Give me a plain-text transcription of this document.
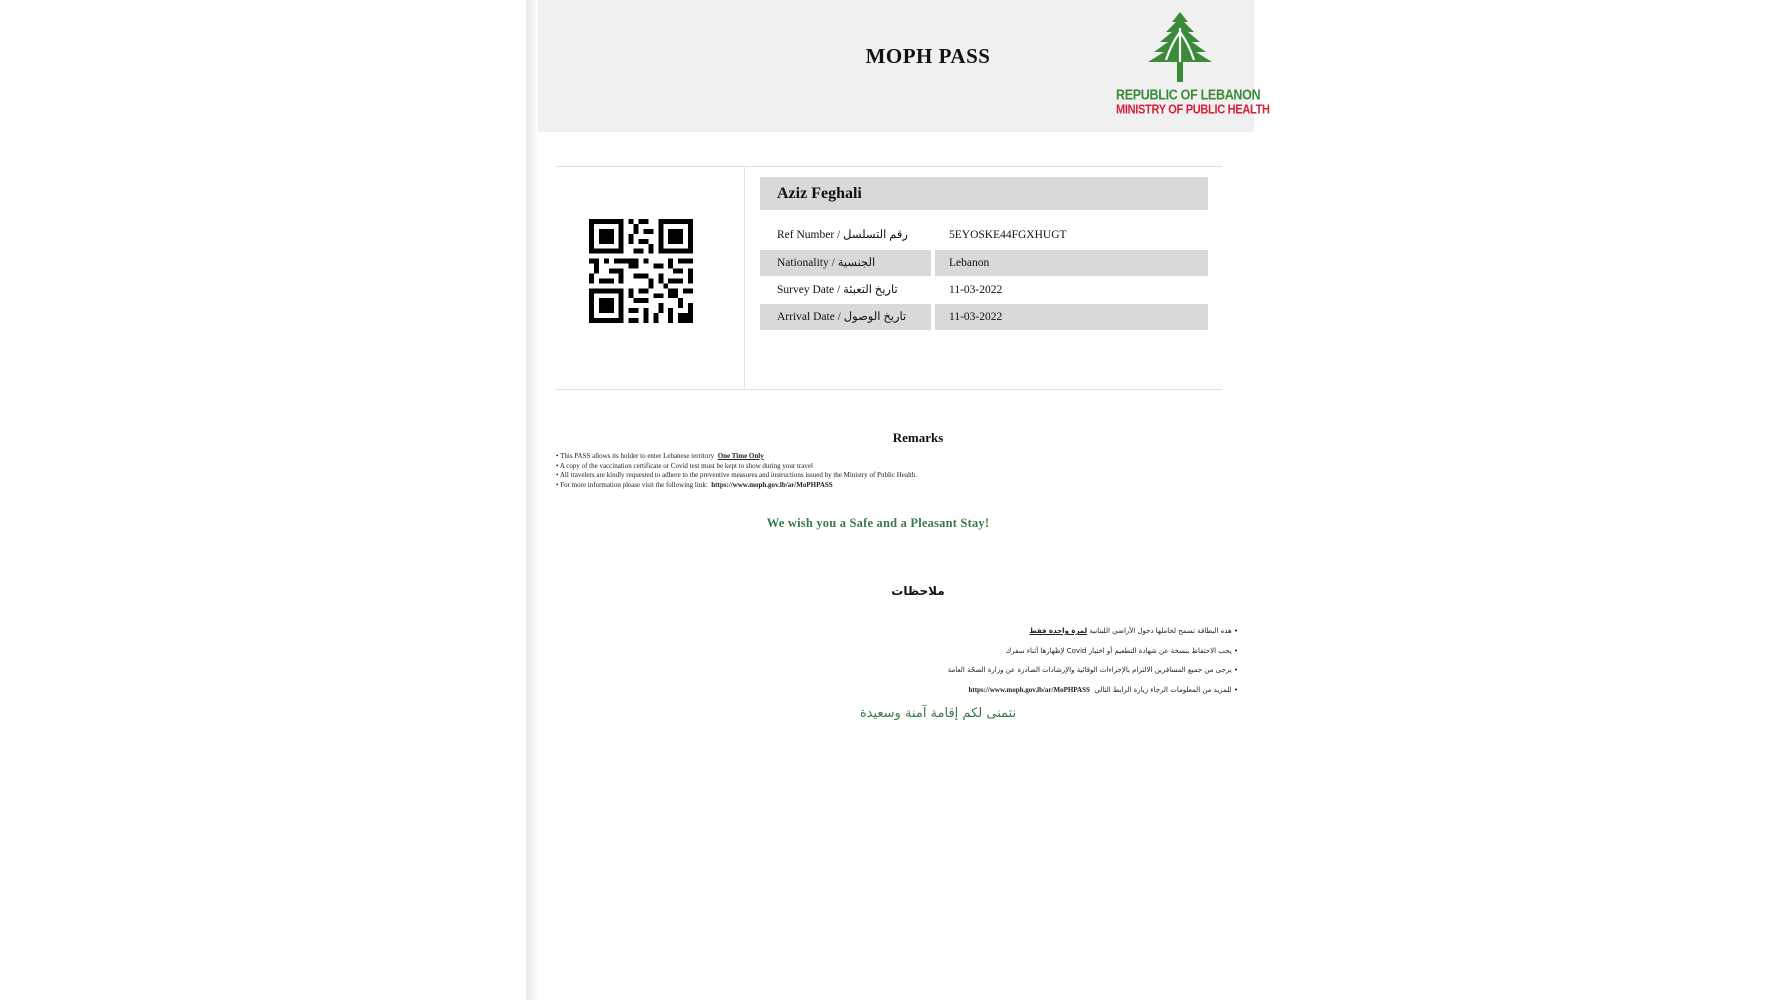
MOPH PASS
REPUBLIC OF LEBANON
MINISTRY OF PUBLIC HEALTH
Aziz Feghali
Ref Number / رقم التسلسل	5EYOSKE44FGXHUGT
Nationality / الجنسية	Lebanon
Survey Date / تاريخ التعبئة	11-03-2022
Arrival Date / تاريخ الوصول	11-03-2022
Remarks
• This PASS allows its holder to enter Lebanese territory One Time Only
• A copy of the vaccination certificate or Covid test must be kept to show during your travel
• All travelers are kindly requested to adhere to the preventive measures and instructions issued by the Ministry of Public Health.
• For more information please visit the following link: https://www.moph.gov.lb/ar/MoPHPASS
We wish you a Safe and a Pleasant Stay!
ملاحظات
• هذه البطاقة تسمح لحاملها دخول الأراضي اللبنانية لمرة واحدة فقط
• يجب الاحتفاظ بنسخة عن شهادة التطعيم أو اختبار Covid لإظهارها أثناء سفرك
• يرجى من جميع المسافرين الالتزام بالإجراءات الوقائية والإرشادات الصادرة عن وزارة الصحّة العامة
• للمزيد من المعلومات الرجاء زيارة الرابط التالي  https://www.moph.gov.lb/ar/MoPHPASS
نتمنى لكم إقامة آمنة وسعيدة
